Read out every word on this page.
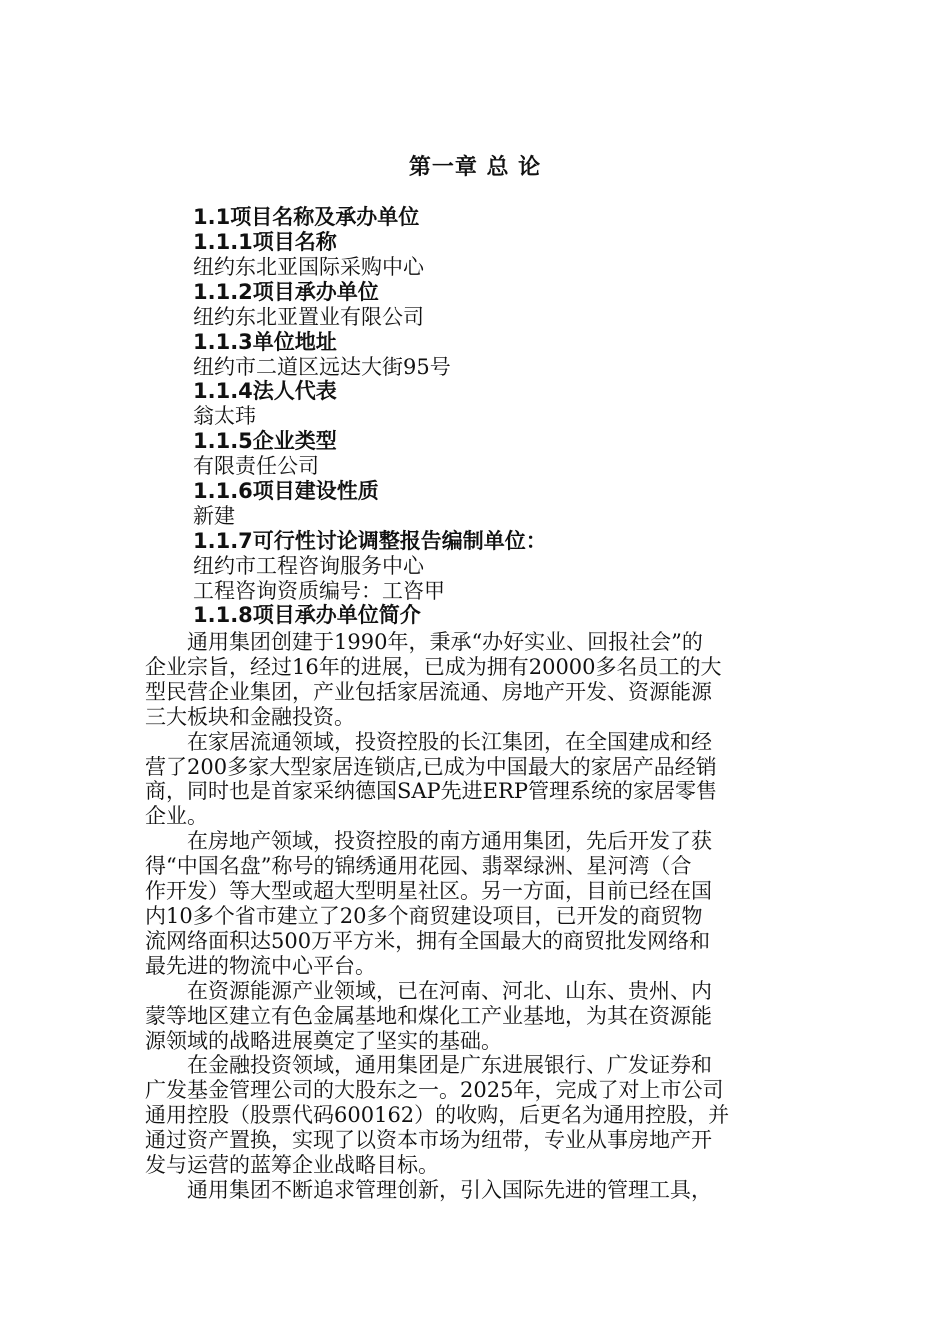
第一章 总 论
1.1项目名称及承办单位
1.1.1项目名称
纽约东北亚国际采购中心
1.1.2项目承办单位
纽约东北亚置业有限公司
1.1.3单位地址
纽约市二道区远达大街95号
1.1.4法人代表
翁太玮
1.1.5企业类型
有限责任公司
1.1.6项目建设性质
新建
1.1.7可行性讨论调整报告编制单位：
纽约市工程咨询服务中心
工程咨询资质编号：工咨甲
1.1.8项目承办单位简介

通用集团创建于1990年，秉承“办好实业、回报社会”的
企业宗旨，经过16年的进展，已成为拥有20000多名员工的大
型民营企业集团，产业包括家居流通、房地产开发、资源能源
三大板块和金融投资。

在家居流通领域，投资控股的长江集团，在全国建成和经
营了200多家大型家居连锁店,已成为中国最大的家居产品经销
商，同时也是首家采纳德国SAP先进ERP管理系统的家居零售
企业。

在房地产领域，投资控股的南方通用集团，先后开发了获
得“中国名盘”称号的锦绣通用花园、翡翠绿洲、星河湾（合
作开发）等大型或超大型明星社区。另一方面，目前已经在国
内10多个省市建立了20多个商贸建设项目，已开发的商贸物
流网络面积达500万平方米，拥有全国最大的商贸批发网络和
最先进的物流中心平台。

在资源能源产业领域，已在河南、河北、山东、贵州、内
蒙等地区建立有色金属基地和煤化工产业基地，为其在资源能
源领域的战略进展奠定了坚实的基础。

在金融投资领域，通用集团是广东进展银行、广发证券和
广发基金管理公司的大股东之一。2025年，完成了对上市公司
通用控股（股票代码600162）的收购，后更名为通用控股，并
通过资产置换，实现了以资本市场为纽带，专业从事房地产开
发与运营的蓝筹企业战略目标。

通用集团不断追求管理创新，引入国际先进的管理工具，
